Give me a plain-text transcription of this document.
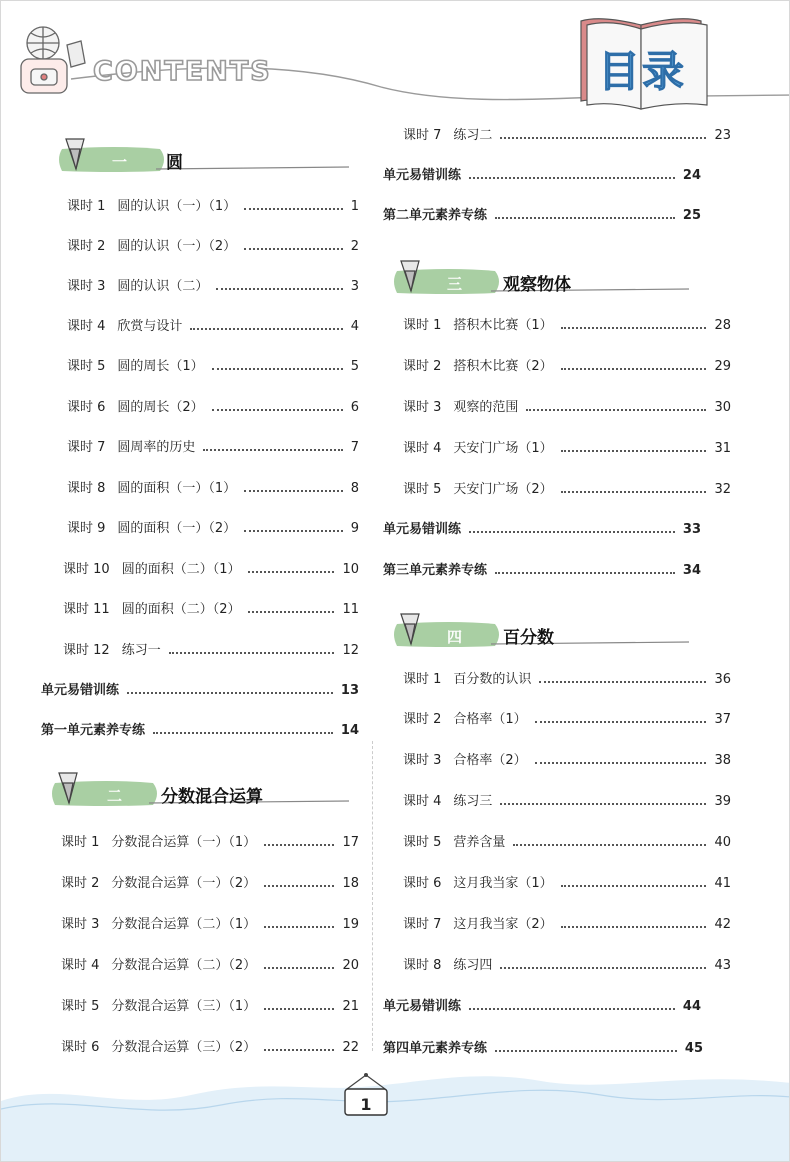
CONTENTS	目录
一 圆
课时 1 圆的认识（一）（1）	1
课时 2 圆的认识（一）（2）	2
课时 3 圆的认识（二）	3
课时 4 欣赏与设计	4
课时 5 圆的周长（1）	5
课时 6 圆的周长（2）	6
课时 7 圆周率的历史	7
课时 8 圆的面积（一）（1）	8
课时 9 圆的面积（一）（2）	9
课时 10 圆的面积（二）（1）	10
课时 11 圆的面积（二）（2）	11
课时 12 练习一	12
单元易错训练	13
第一单元素养专练	14
二 分数混合运算
课时 1 分数混合运算（一）（1）	17
课时 2 分数混合运算（一）（2）	18
课时 3 分数混合运算（二）（1）	19
课时 4 分数混合运算（二）（2）	20
课时 5 分数混合运算（三）（1）	21
课时 6 分数混合运算（三）（2）	22
课时 7 练习二	23
单元易错训练	24
第二单元素养专练	25
三 观察物体
课时 1 搭积木比赛（1）	28
课时 2 搭积木比赛（2）	29
课时 3 观察的范围	30
课时 4 天安门广场（1）	31
课时 5 天安门广场（2）	32
单元易错训练	33
第三单元素养专练	34
四 百分数
课时 1 百分数的认识	36
课时 2 合格率（1）	37
课时 3 合格率（2）	38
课时 4 练习三	39
课时 5 营养含量	40
课时 6 这月我当家（1）	41
课时 7 这月我当家（2）	42
课时 8 练习四	43
单元易错训练	44
第四单元素养专练	45
1
